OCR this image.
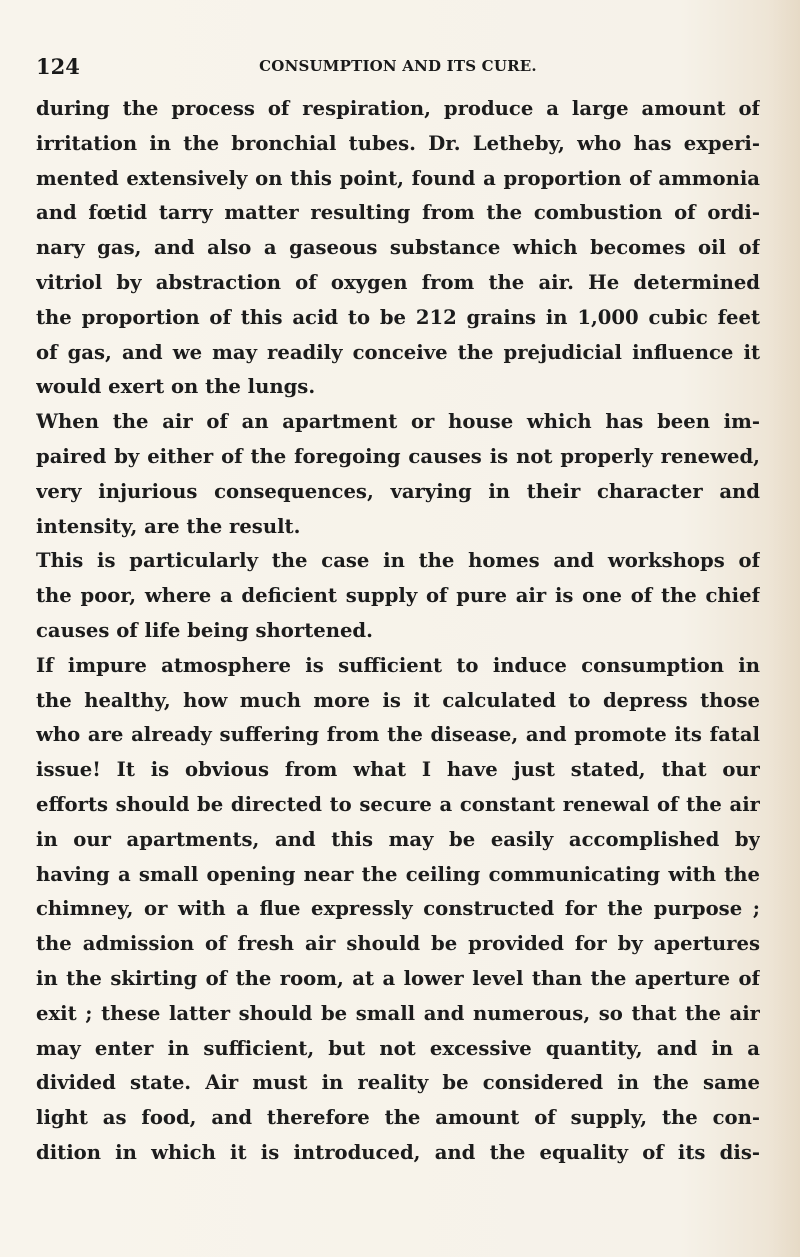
124	CONSUMPTION AND ITS CURE.
during the process of respiration, produce a large amount of
irritation in the bronchial tubes. Dr. Letheby, who has experi-
mented extensively on this point, found a proportion of ammonia
and fœtid tarry matter resulting from the combustion of ordi-
nary gas, and also a gaseous substance which becomes oil of
vitriol by abstraction of oxygen from the air. He determined
the proportion of this acid to be 212 grains in 1,000 cubic feet
of gas, and we may readily conceive the prejudicial influence it
would exert on the lungs.
When the air of an apartment or house which has been im-
paired by either of the foregoing causes is not properly renewed,
very injurious consequences, varying in their character and
intensity, are the result.
This is particularly the case in the homes and workshops of
the poor, where a deficient supply of pure air is one of the chief
causes of life being shortened.
If impure atmosphere is sufficient to induce consumption in
the healthy, how much more is it calculated to depress those
who are already suffering from the disease, and promote its fatal
issue! It is obvious from what I have just stated, that our
efforts should be directed to secure a constant renewal of the air
in our apartments, and this may be easily accomplished by
having a small opening near the ceiling communicating with the
chimney, or with a flue expressly constructed for the purpose ;
the admission of fresh air should be provided for by apertures
in the skirting of the room, at a lower level than the aperture of
exit ; these latter should be small and numerous, so that the air
may enter in sufficient, but not excessive quantity, and in a
divided state. Air must in reality be considered in the same
light as food, and therefore the amount of supply, the con-
dition in which it is introduced, and the equality of its dis-
